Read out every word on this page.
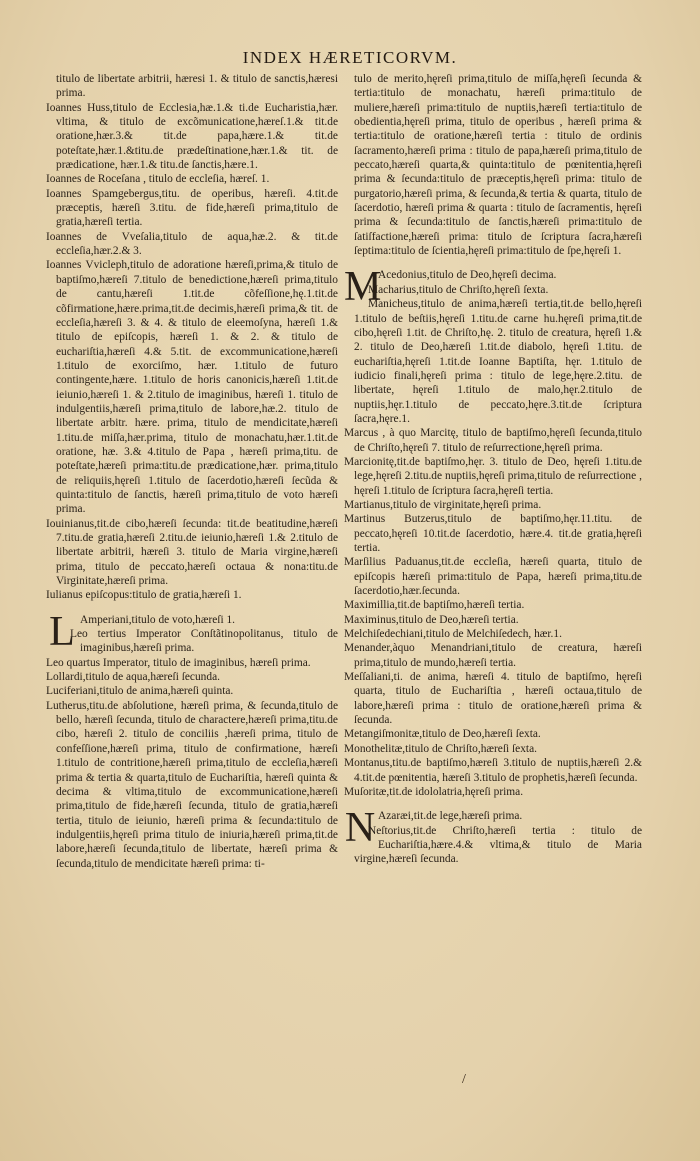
INDEX HÆRETICORVM.

titulo de libertate arbitrii, hæresi 1. & titulo de sanctis,hæresi prima.

Ioannes Huss,titulo de Ecclesia,hæ.1.& ti.de Eucharistia,hær. vltima, & titulo de excõmunicatione,hæreſ.1.& tit.de oratione,hær.3.& tit.de papa,hære.1.& tit.de poteſtate,hær.1.&titu.de prædeſtinatione,hær.1.& tit. de prædicatione, hær.1.& titu.de ſanctis,hære.1.

Ioannes de Roceſana , titulo de eccleſia, hæreſ. 1.

Ioannes Spamgebergus,titu. de operibus, hæreſi. 4.tit.de præceptis, hæreſi 3.titu. de fide,hæreſi prima,titulo de gratia,hæreſi tertia.

Ioannes de Vveſalia,titulo de aqua,hæ.2. & tit.de eccleſia,hær.2.& 3.

Ioannes Vvicleph,titulo de adoratione hæreſi,prima,& titulo de baptiſmo,hæreſi 7.titulo de benedictione,hæreſi prima,titulo de cantu,hæreſi 1.tit.de cõfeſſione,hę.1.tit.de cõfirmatione,hære.prima,tit.de decimis,hæreſi prima,& tit. de eccleſia,hæreſi 3. & 4. & titulo de eleemoſyna, hæreſi 1.& titulo de epiſcopis, hæreſi 1. & 2. & titulo de euchariſtia,hæreſi 4.& 5.tit. de excommunicatione,hæreſi 1.titulo de exorciſmo, hær. 1.titulo de futuro contingente,hære. 1.titulo de horis canonicis,hæreſi 1.tit.de ieiunio,hæreſi 1. & 2.titulo de imaginibus, hæreſi 1. titulo de indulgentiis,hæreſi prima,titulo de labore,hæ.2. titulo de libertate arbitr. hære. prima, titulo de mendicitate,hæreſi 1.titu.de miſſa,hær.prima, titulo de monachatu,hær.1.tit.de oratione, hæ. 3.& 4.titulo de Papa , hæreſi prima,titu. de poteſtate,hæreſi prima:titu.de prædicatione,hær. prima,titulo de reliquiis,hęreſi 1.titulo de ſacerdotio,hæreſi ſecũda & quinta:titulo de ſanctis, hæreſi prima,titulo de voto hæreſi prima.

Iouinianus,tit.de cibo,hæreſi ſecunda: tit.de beatitudine,hæreſi 7.titu.de gratia,hæreſi 2.titu.de ieiunio,hæreſi 1.& 2.titulo de libertate arbitrii, hæreſi 3. titulo de Maria virgine,hæreſi prima, titulo de peccato,hæreſi octaua & nona:titu.de Virginitate,hæreſi prima.

Iulianus epiſcopus:titulo de gratia,hæreſi 1.

L Amperiani,titulo de voto,hæreſi 1.

Leo tertius Imperator Conſtãtinopolitanus, titulo de imaginibus,hæreſi prima.

Leo quartus Imperator, titulo de imaginibus, hæreſi prima.

Lollardi,titulo de aqua,hæreſi ſecunda.

Luciferiani,titulo de anima,hæreſi quinta.

Lutherus,titu.de abſolutione, hæreſi prima, & ſecunda,titulo de bello, hæreſi ſecunda, titulo de charactere,hæreſi prima,titu.de cibo, hæreſi 2. titulo de conciliis ,hæreſi prima, titulo de confeſſione,hæreſi prima, titulo de confirmatione, hæreſi 1.titulo de contritione,hæreſi prima,titulo de eccleſia,hæreſi prima & tertia & quarta,titulo de Euchariſtia, hæreſi quinta & decima & vltima,titulo de excommunicatione,hæreſi prima,titulo de fide,hæreſi ſecunda, titulo de gratia,hæreſi tertia, titulo de ieiunio, hæreſi prima & ſecunda:titulo de indulgentiis,hęreſi prima titulo de iniuria,hæreſi prima,tit.de labore,hæreſi ſecunda,titulo de libertate, hæreſi prima & ſecunda,titulo de mendicitate hæreſi prima: ti-

tulo de merito,hęreſi prima,titulo de miſſa,hęreſi ſecunda & tertia:titulo de monachatu, hæreſi prima:titulo de muliere,hæreſi prima:titulo de nuptiis,hæreſi tertia:titulo de obedientia,hęreſi prima, titulo de operibus , hæreſi prima & tertia:titulo de oratione,hæreſi tertia : titulo de ordinis ſacramento,hæreſi prima : titulo de papa,hæreſi prima,titulo de peccato,hæreſi quarta,& quinta:titulo de pœnitentia,hęreſi prima & ſecunda:titulo de præceptis,hęreſi prima: titulo de purgatorio,hæreſi prima, & ſecunda,& tertia & quarta, titulo de ſacerdotio, hæreſi prima & quarta : titulo de ſacramentis, hęreſi prima & ſecunda:titulo de ſanctis,hæreſi prima:titulo de ſatiſfactione,hæreſi prima: titulo de ſcriptura ſacra,hæreſi ſeptima:titulo de ſcientia,hęreſi prima:titulo de ſpe,hęreſi 1.

M

Acedonius,titulo de Deo,hęreſi decima.

Macharius,titulo de Chriſto,hęreſi ſexta.

Manicheus,titulo de anima,hæreſi tertia,tit.de bello,hęreſi 1.titulo de beſtiis,hęreſi 1.titu.de carne hu.hęreſi prima,tit.de cibo,hęreſi 1.tit. de Chriſto,hę. 2. titulo de creatura, hęreſi 1.& 2. titulo de Deo,hæreſi 1.tit.de diabolo, hęreſi 1.titu. de euchariſtia,hęreſi 1.tit.de Ioanne Baptiſta, hęr. 1.titulo de iudicio finali,hęreſi prima : titulo de lege,hęre.2.titu. de libertate, hęreſi 1.titulo de malo,hęr.2.titulo de nuptiis,hęr.1.titulo de peccato,hęre.3.tit.de ſcriptura ſacra,hęre.1.

Marcus , à quo Marcitę, titulo de baptiſmo,hęreſi ſecunda,titulo de Chriſto,hęreſi 7. titulo de reſurrectione,hęreſi prima.

Marcionitę,tit.de baptiſmo,hęr. 3. titulo de Deo, hęreſi 1.titu.de lege,hęreſi 2.titu.de nuptiis,hęreſi prima,titulo de reſurrectione , hęreſi 1.titulo de ſcriptura ſacra,hęreſi tertia.

Martianus,titulo de virginitate,hęreſi prima.

Martinus Butzerus,titulo de baptiſmo,hęr.11.titu. de peccato,hęreſi 10.tit.de ſacerdotio, hære.4. tit.de gratia,hęreſi tertia.

Marſilius Paduanus,tit.de eccleſia, hæreſi quarta, titulo de epiſcopis hæreſi prima:titulo de Papa, hæreſi prima,titu.de ſacerdotio,hær.ſecunda.

Maximillia,tit.de baptiſmo,hæreſi tertia.

Maximinus,titulo de Deo,hæreſi tertia.

Melchiſedechiani,titulo de Melchiſedech, hær.1.

Menander,àquo Menandriani,titulo de creatura, hæreſi prima,titulo de mundo,hæreſi tertia.

Meſſaliani,ti. de anima, hæreſi 4. titulo de baptiſmo, hęreſi quarta, titulo de Euchariſtia , hæreſi octaua,titulo de labore,hæreſi prima : titulo de oratione,hæreſi prima & ſecunda.

Metangiſmonitæ,titulo de Deo,hæreſi ſexta.

Monothelitæ,titulo de Chriſto,hæreſi ſexta.

Montanus,titu.de baptiſmo,hæreſi 3.titulo de nuptiis,hæreſi 2.& 4.tit.de pœnitentia, hæreſi 3.titulo de prophetis,hæreſi ſecunda.

Muſoritæ,tit.de idololatria,hęreſi prima.

N Azaræi,tit.de lege,hæreſi prima.

Neſtorius,tit.de Chriſto,hæreſi tertia : titulo de Euchariſtia,hære.4.& vltima,& titulo de Maria virgine,hæreſi ſecunda.

/
